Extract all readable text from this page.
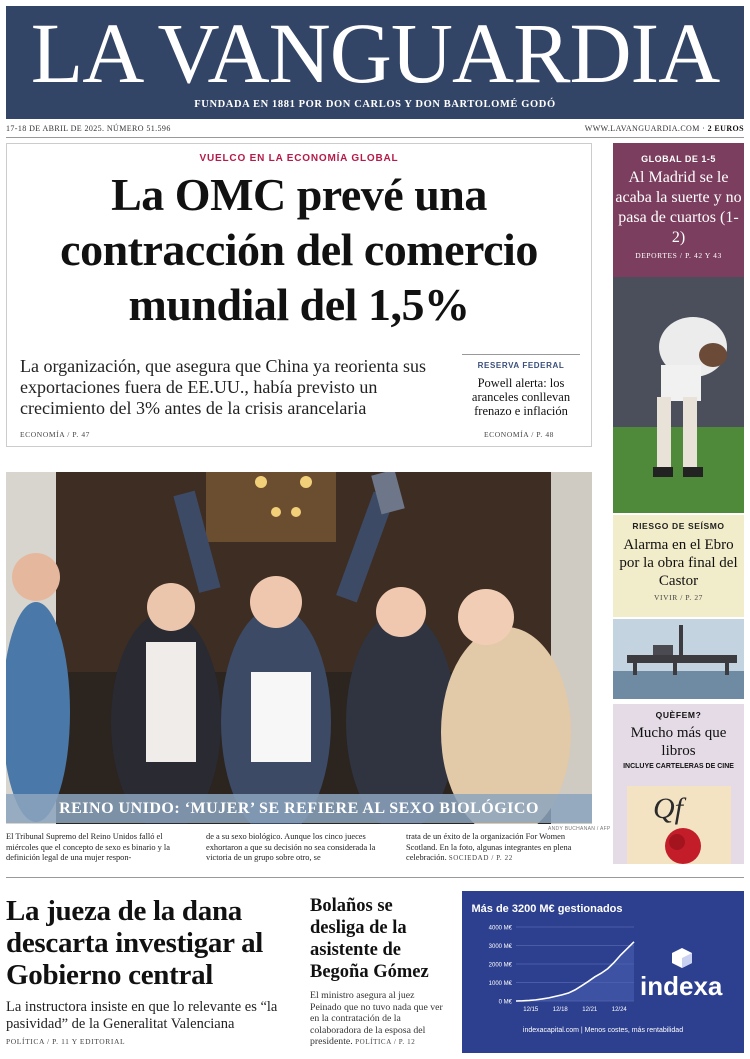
LA VANGUARDIA
FUNDADA EN 1881 POR DON CARLOS Y DON BARTOLOMÉ GODÓ
17-18 DE ABRIL DE 2025. NÚMERO 51.596	WWW.LAVANGUARDIA.COM · 2 EUROS
VUELCO EN LA ECONOMÍA GLOBAL
La OMC prevé una
contracción del comercio
mundial del 1,5%

La organización, que asegura que China ya reorienta sus exportaciones fuera de EE.UU., había previsto un crecimiento del 3% antes de la crisis arancelaria

ECONOMÍA / P. 47
RESERVA FEDERAL
Powell alerta: los aranceles conllevan frenazo e inflación
ECONOMÍA / P. 48
GLOBAL DE 1-5
Al Madrid se le acaba la suerte y no pasa de cuartos (1-2)
DEPORTES / P. 42 Y 43
RIESGO DE SEÍSMO
Alarma en el Ebro por la obra final del Castor
VIVIR / P. 27
QUÈFEM?
Mucho más que libros
INCLUYE CARTELERAS DE CINE
Qf
REINO UNIDO: ‘MUJER’ SE REFIERE AL SEXO BIOLÓGICO
ANDY BUCHANAN / AFP

El Tribunal Supremo del Reino Unidos falló el miércoles que el concepto de sexo es binario y la definición legal de una mujer respon-

de a su sexo biológico. Aunque los cinco jueces exhortaron a que su decisión no sea considerada la victoria de un grupo sobre otro, se

trata de un éxito de la organización For Women Scotland. En la foto, algunas integrantes en plena celebración. SOCIEDAD / P. 22
La jueza de la dana descarta investigar al Gobierno central

La instructora insiste en que lo relevante es “la pasividad” de la Generalitat Valenciana

POLÍTICA / P. 11 Y EDITORIAL
Bolaños se desliga de la asistente de Begoña Gómez

El ministro asegura al juez Peinado que no tuvo nada que ver en la contratación de la colaboradora de la esposa del presidente. POLÍTICA / P. 12

Más de 3200 M€ gestionados
0 M€
1000 M€
2000 M€
3000 M€
4000 M€
12/15 12/18 12/21 12/24
indexa
indexacapital.com | Menos costes, más rentabilidad
